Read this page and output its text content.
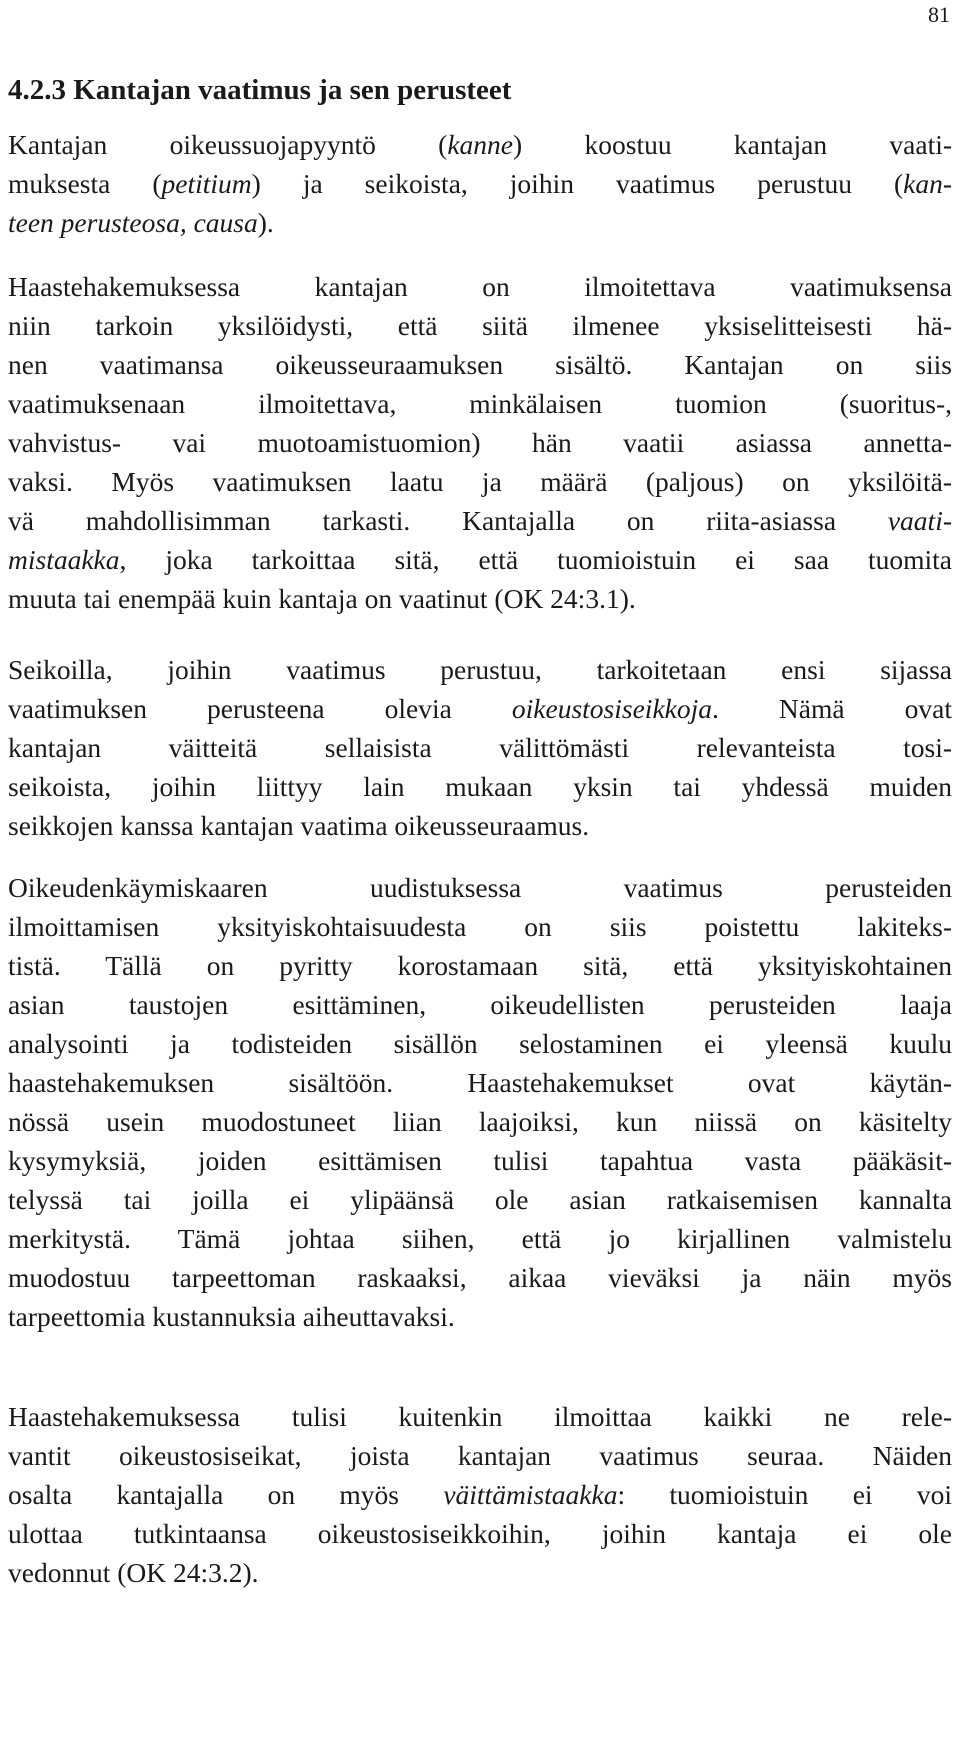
81
4.2.3 Kantajan vaatimus ja sen perusteet

Kantajan oikeussuojapyyntö (kanne) koostuu kantajan vaati-
muksesta (petitium) ja seikoista, joihin vaatimus perustuu (kan-
teen perusteosa, causa).

Haastehakemuksessa kantajan on ilmoitettava vaatimuksensa
niin tarkoin yksilöidysti, että siitä ilmenee yksiselitteisesti hä-
nen vaatimansa oikeusseuraamuksen sisältö. Kantajan on siis
vaatimuksenaan ilmoitettava, minkälaisen tuomion (suoritus-,
vahvistus- vai muotoamistuomion) hän vaatii asiassa annetta-
vaksi. Myös vaatimuksen laatu ja määrä (paljous) on yksilöitä-
vä mahdollisimman tarkasti. Kantajalla on riita-asiassa vaati-
mistaakka, joka tarkoittaa sitä, että tuomioistuin ei saa tuomita
muuta tai enempää kuin kantaja on vaatinut (OK 24:3.1).

Seikoilla, joihin vaatimus perustuu, tarkoitetaan ensi sijassa
vaatimuksen perusteena olevia oikeustosiseikkoja. Nämä ovat
kantajan väitteitä sellaisista välittömästi relevanteista tosi-
seikoista, joihin liittyy lain mukaan yksin tai yhdessä muiden
seikkojen kanssa kantajan vaatima oikeusseuraamus.

Oikeudenkäymiskaaren uudistuksessa vaatimus perusteiden
ilmoittamisen yksityiskohtaisuudesta on siis poistettu lakiteks-
tistä. Tällä on pyritty korostamaan sitä, että yksityiskohtainen
asian taustojen esittäminen, oikeudellisten perusteiden laaja
analysointi ja todisteiden sisällön selostaminen ei yleensä kuulu
haastehakemuksen sisältöön. Haastehakemukset ovat käytän-
nössä usein muodostuneet liian laajoiksi, kun niissä on käsitelty
kysymyksiä, joiden esittämisen tulisi tapahtua vasta pääkäsit-
telyssä tai joilla ei ylipäänsä ole asian ratkaisemisen kannalta
merkitystä. Tämä johtaa siihen, että jo kirjallinen valmistelu
muodostuu tarpeettoman raskaaksi, aikaa vieväksi ja näin myös
tarpeettomia kustannuksia aiheuttavaksi.

Haastehakemuksessa tulisi kuitenkin ilmoittaa kaikki ne rele-
vantit oikeustosiseikat, joista kantajan vaatimus seuraa. Näiden
osalta kantajalla on myös väittämistaakka: tuomioistuin ei voi
ulottaa tutkintaansa oikeustosiseikkoihin, joihin kantaja ei ole
vedonnut (OK 24:3.2).
